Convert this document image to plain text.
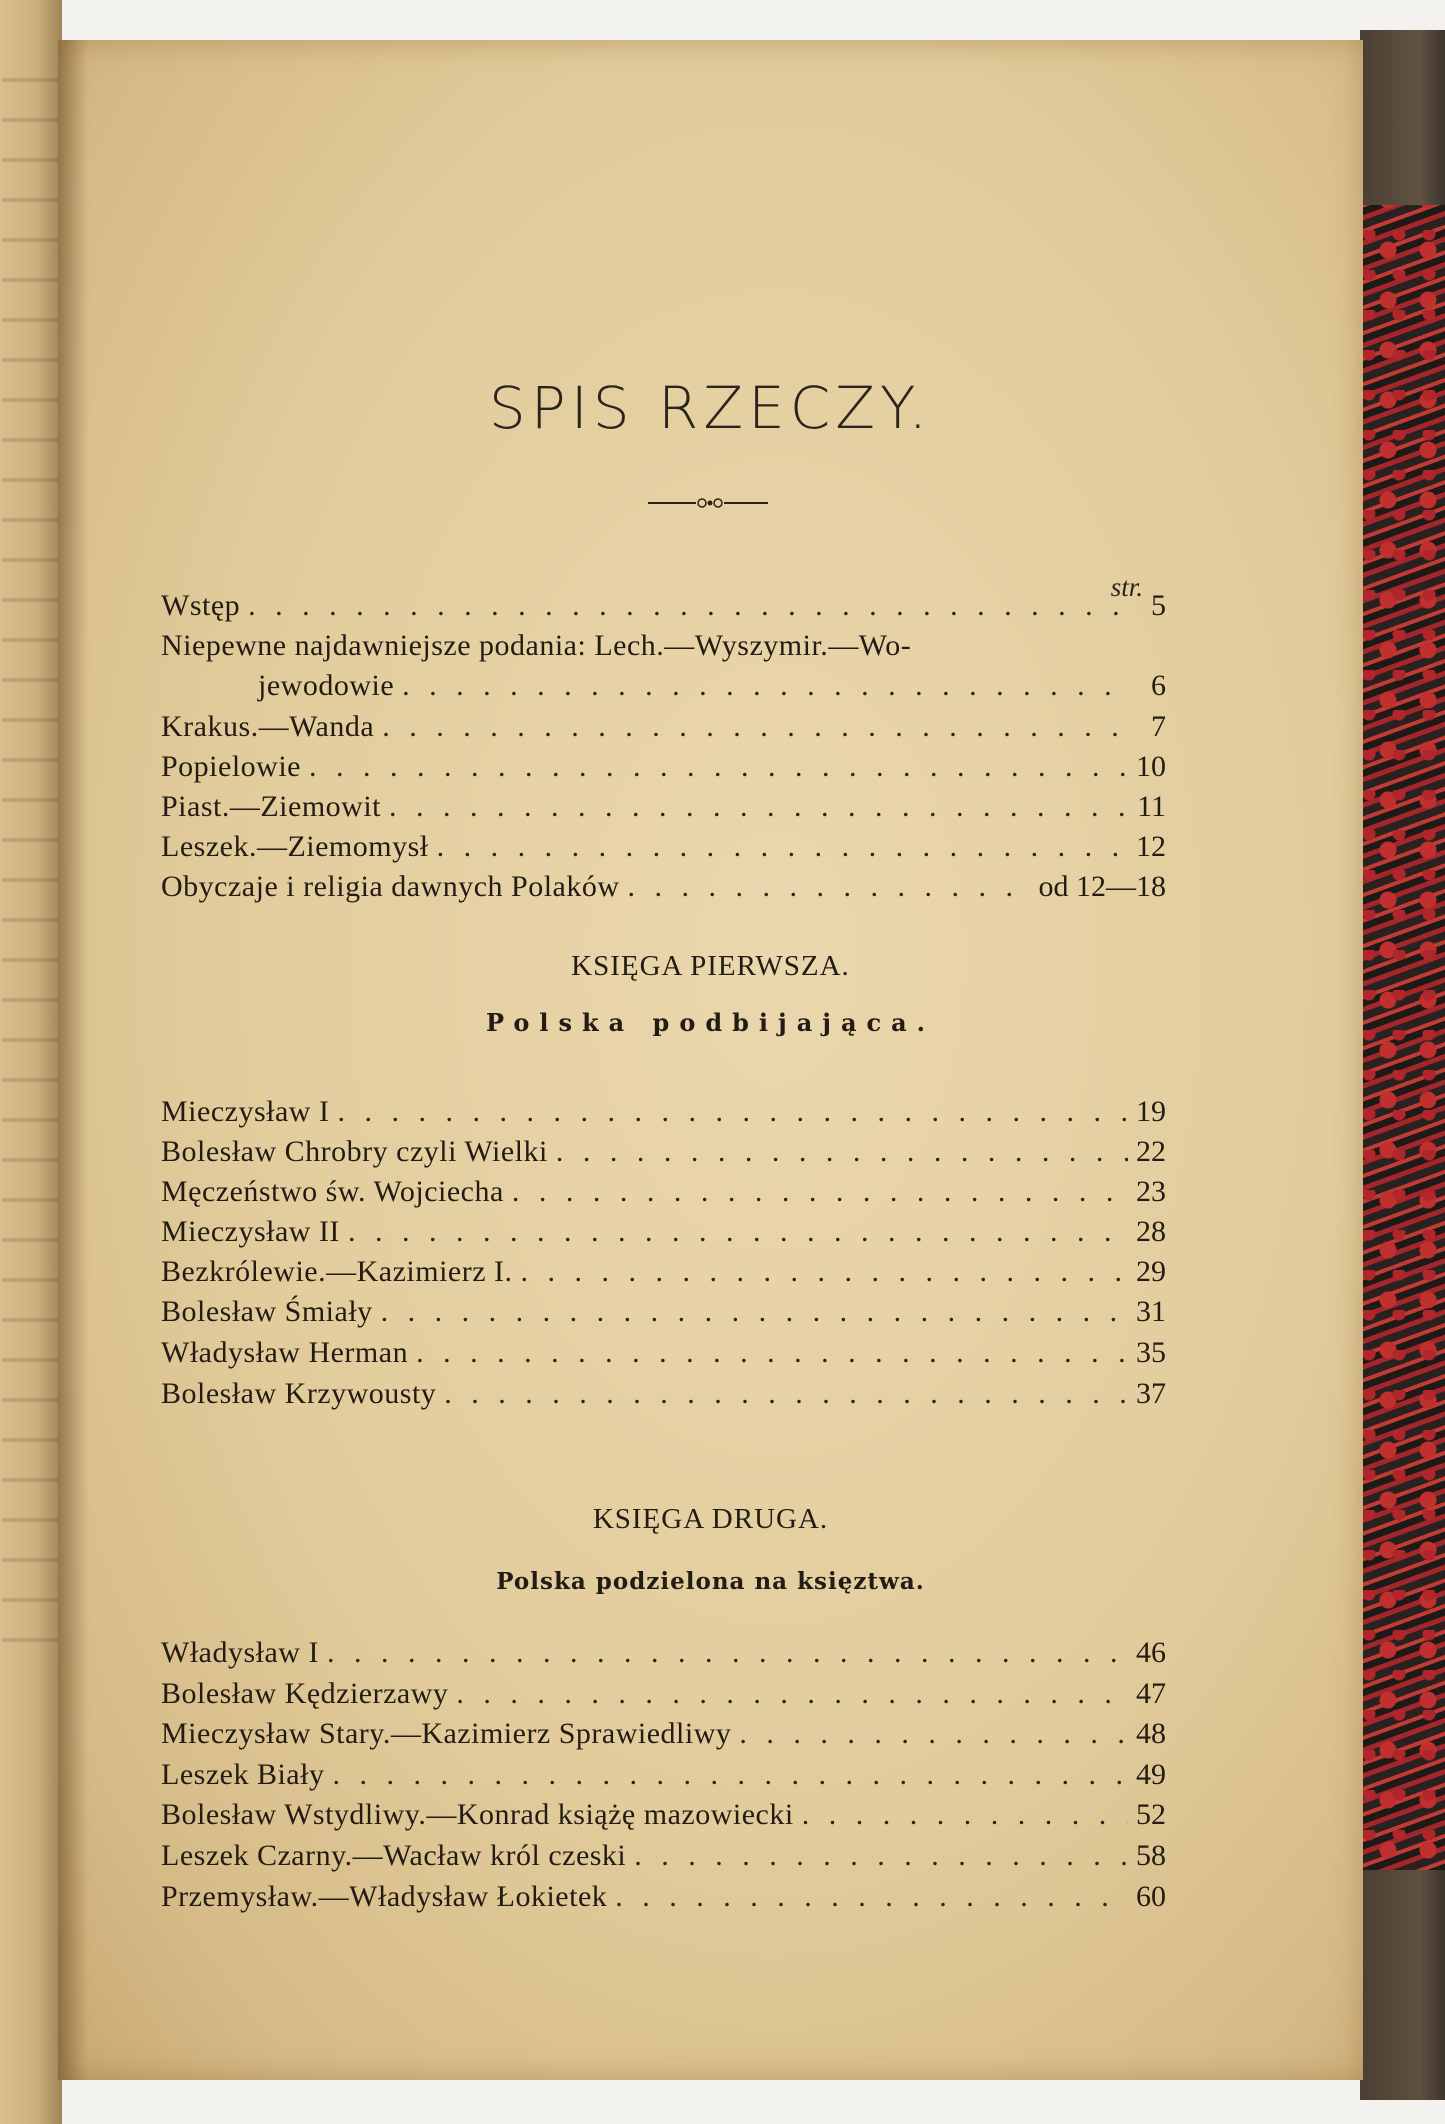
SPIS RZECZY.
str.
Wstęp . . .	5
Niepewne najdawniejsze podania: Lech.—Wyszymir.—Wo-
jewodowie . . .	6
Krakus.—Wanda . . .	7
Popielowie . . .	10
Piast.—Ziemowit . . .	11
Leszek.—Ziemomysł . . .	12
Obyczaje i religia dawnych Polaków . . .	od 12—18
KSIĘGA PIERWSZA.
Polska podbijająca.
Mieczysław I . . .	19
Bolesław Chrobry czyli Wielki . . .	22
Męczeństwo św. Wojciecha . . .	23
Mieczysław II . . .	28
Bezkrólewie.—Kazimierz I. . . .	29
Bolesław Śmiały . . .	31
Władysław Herman . . .	35
Bolesław Krzywousty . . .	37
KSIĘGA DRUGA.
Polska podzielona na księztwa.
Władysław I . . .	46
Bolesław Kędzierzawy . . .	47
Mieczysław Stary.—Kazimierz Sprawiedliwy . . .	48
Leszek Biały . . .	49
Bolesław Wstydliwy.—Konrad książę mazowiecki . . .	52
Leszek Czarny.—Wacław król czeski . . .	58
Przemysław.—Władysław Łokietek . . .	60
